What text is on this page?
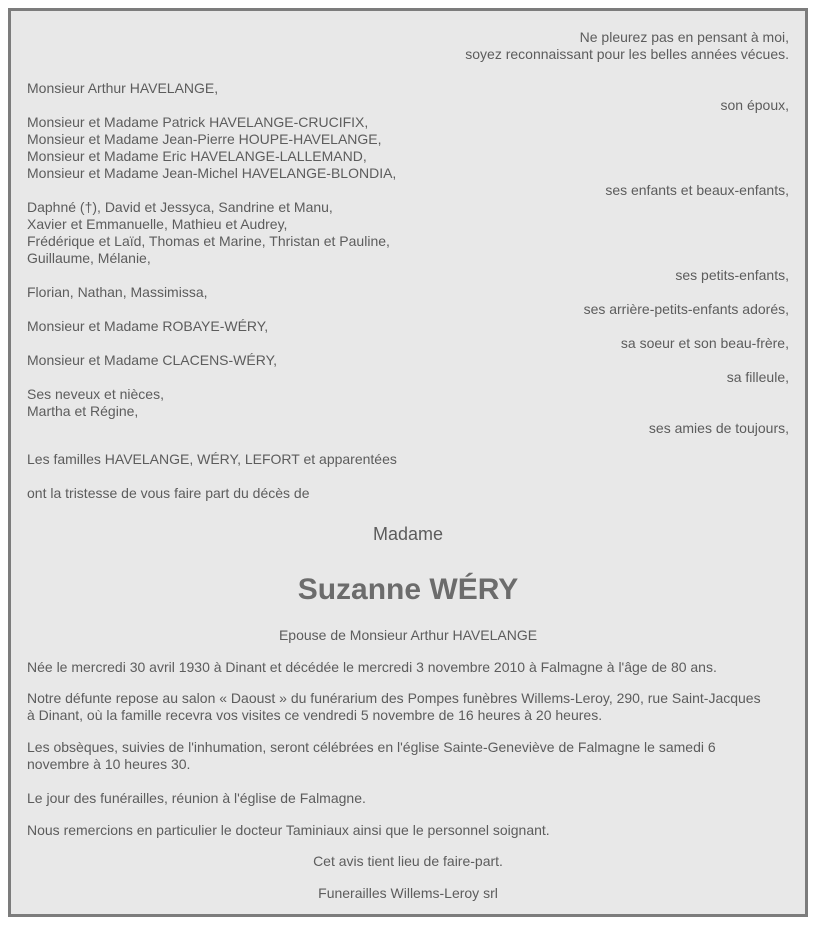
Ne pleurez pas en pensant à moi,
soyez reconnaissant pour les belles années vécues.
Monsieur Arthur HAVELANGE,
son époux,
Monsieur et Madame Patrick HAVELANGE-CRUCIFIX,
Monsieur et Madame Jean-Pierre HOUPE-HAVELANGE,
Monsieur et Madame Eric HAVELANGE-LALLEMAND,
Monsieur et Madame Jean-Michel HAVELANGE-BLONDIA,
ses enfants et beaux-enfants,
Daphné (†), David et Jessyca, Sandrine et Manu,
Xavier et Emmanuelle, Mathieu et Audrey,
Frédérique et Laïd, Thomas et Marine, Thristan et Pauline,
Guillaume, Mélanie,
ses petits-enfants,
Florian, Nathan, Massimissa,
ses arrière-petits-enfants adorés,
Monsieur et Madame ROBAYE-WÉRY,
sa soeur et son beau-frère,
Monsieur et Madame CLACENS-WÉRY,
sa filleule,
Ses neveux et nièces,
Martha et Régine,
ses amies de toujours,
Les familles HAVELANGE, WÉRY, LEFORT et apparentées
ont la tristesse de vous faire part du décès de
Madame
Suzanne WÉRY
Epouse de Monsieur Arthur HAVELANGE
Née le mercredi 30 avril 1930 à Dinant et décédée le mercredi 3 novembre 2010 à Falmagne à l'âge de 80 ans.
Notre défunte repose au salon « Daoust » du funérarium des Pompes funèbres Willems-Leroy, 290, rue Saint-Jacques à Dinant, où la famille recevra vos visites ce vendredi 5 novembre de 16 heures à 20 heures.
Les obsèques, suivies de l'inhumation, seront célébrées en l'église Sainte-Geneviève de Falmagne le samedi 6 novembre à 10 heures 30.
Le jour des funérailles, réunion à l'église de Falmagne.
Nous remercions en particulier le docteur Taminiaux ainsi que le personnel soignant.
Cet avis tient lieu de faire-part.
Funerailles Willems-Leroy srl
